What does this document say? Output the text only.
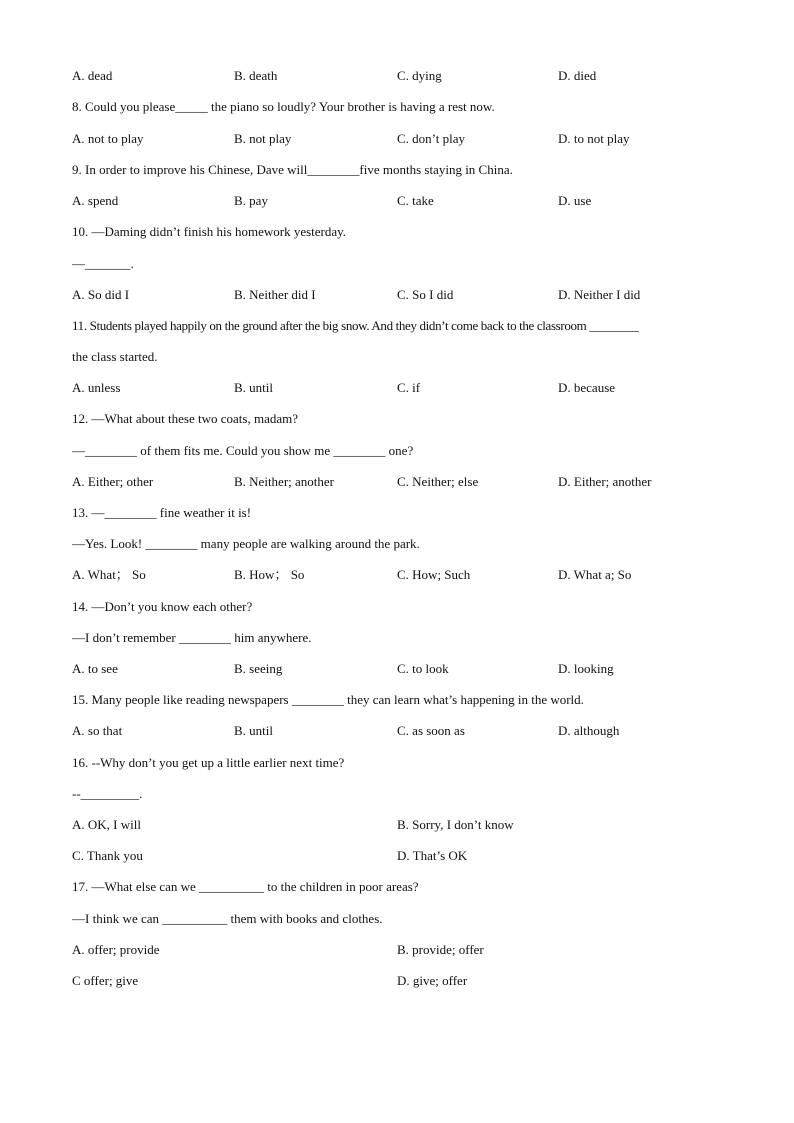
A. dead	B. death	C. dying	D. died
8. Could you please_____ the piano so loudly? Your brother is having a rest now.
A. not to play	B. not play	C. don’t play	D. to not play
9. In order to improve his Chinese, Dave will________five months staying in China.
A. spend	B. pay	C. take	D. use
10. —Daming didn’t finish his homework yesterday.
—_______.
A. So did I	B. Neither did I	C. So I did	D. Neither I did
11. Students played happily on the ground after the big snow. And they didn’t come back to the classroom ________
the class started.
A. unless	B. until	C. if	D. because
12. —What about these two coats, madam?
—________ of them fits me. Could you show me ________ one?
A. Either; other	B. Neither; another	C. Neither; else	D. Either; another
13. —________ fine weather it is!
—Yes. Look! ________ many people are walking around the park.
A. What； So	B. How； So	C. How; Such	D. What a; So
14. —Don’t you know each other?
—I don’t remember ________ him anywhere.
A. to see	B. seeing	C. to look	D. looking
15. Many people like reading newspapers ________ they can learn what’s happening in the world.
A. so that	B. until	C. as soon as	D. although
16. --Why don’t you get up a little earlier next time?
--_________.
A. OK, I will	B. Sorry, I don’t know
C. Thank you	D. That’s OK
17. —What else can we __________ to the children in poor areas?
—I think we can __________ them with books and clothes.
A. offer; provide	B. provide; offer
C offer; give	D. give; offer
